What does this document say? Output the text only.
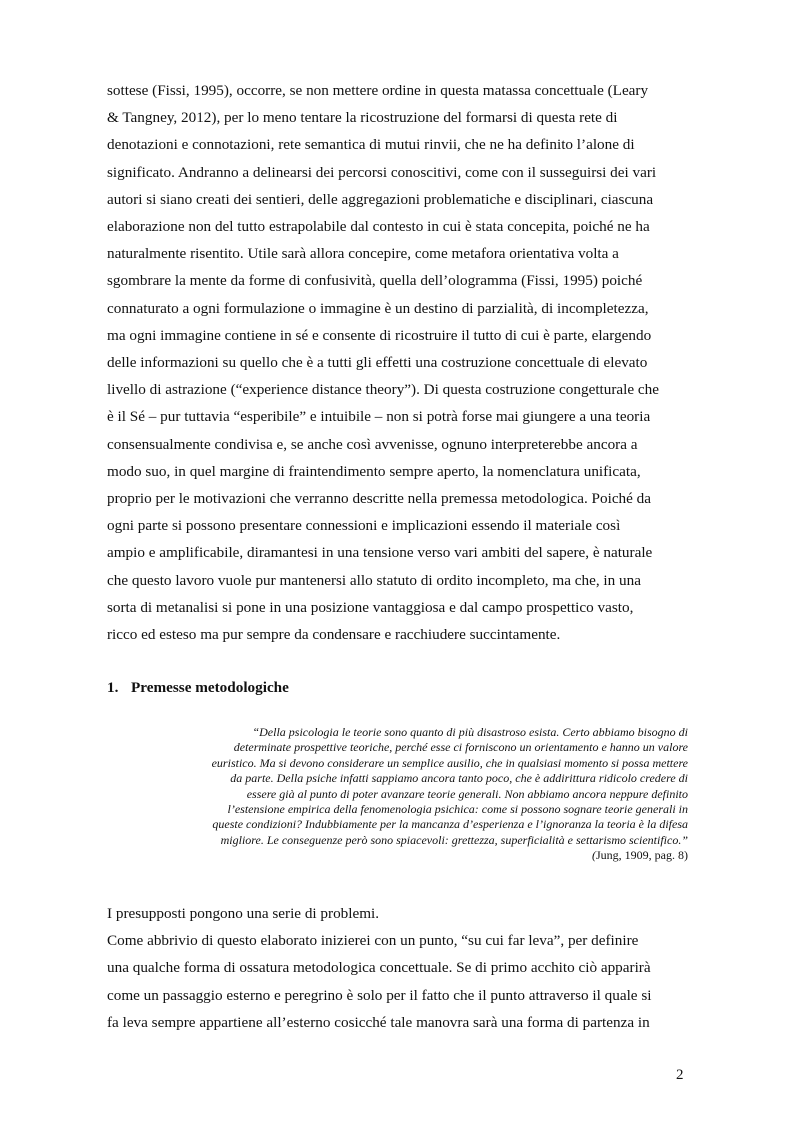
sottese (Fissi, 1995), occorre, se non mettere ordine in questa matassa concettuale (Leary
& Tangney, 2012), per lo meno tentare la ricostruzione del formarsi di questa rete di
denotazioni e connotazioni, rete semantica di mutui rinvii, che ne ha definito l’alone di
significato. Andranno a delinearsi dei percorsi conoscitivi, come con il susseguirsi dei vari
autori si siano creati dei sentieri, delle aggregazioni problematiche e disciplinari, ciascuna
elaborazione non del tutto estrapolabile dal contesto in cui è stata concepita, poiché ne ha
naturalmente risentito. Utile sarà allora concepire, come metafora orientativa volta a
sgombrare la mente da forme di confusività, quella dell’ologramma (Fissi, 1995) poiché
connaturato a ogni formulazione o immagine è un destino di parzialità, di incompletezza,
ma ogni immagine contiene in sé e consente di ricostruire il tutto di cui è parte, elargendo
delle informazioni su quello che è a tutti gli effetti una costruzione concettuale di elevato
livello di astrazione (“experience distance theory”). Di questa costruzione congetturale che
è il Sé – pur tuttavia “esperibile” e intuibile – non si potrà forse mai giungere a una teoria
consensualmente condivisa e, se anche così avvenisse, ognuno interpreterebbe ancora a
modo suo, in quel margine di fraintendimento sempre aperto, la nomenclatura unificata,
proprio per le motivazioni che verranno descritte nella premessa metodologica. Poiché da
ogni parte si possono presentare connessioni e implicazioni essendo il materiale così
ampio e amplificabile, diramantesi in una tensione verso vari ambiti del sapere, è naturale
che questo lavoro vuole pur mantenersi allo statuto di ordito incompleto, ma che, in una
sorta di metanalisi si pone in una posizione vantaggiosa e dal campo prospettico vasto,
ricco ed esteso ma pur sempre da condensare e racchiudere succintamente.

1. Premesse metodologiche
“Della psicologia le teorie sono quanto di più disastroso esista. Certo abbiamo bisogno di
determinate prospettive teoriche, perché esse ci forniscono un orientamento e hanno un valore
euristico. Ma si devono considerare un semplice ausilio, che in qualsiasi momento si possa mettere
da parte. Della psiche infatti sappiamo ancora tanto poco, che è addirittura ridicolo credere di
essere già al punto di poter avanzare teorie generali. Non abbiamo ancora neppure definito
l’estensione empirica della fenomenologia psichica: come si possono sognare teorie generali in
queste condizioni? Indubbiamente per la mancanza d’esperienza e l’ignoranza la teoria è la difesa
migliore. Le conseguenze però sono spiacevoli: grettezza, superficialità e settarismo scientifico.”
(Jung, 1909, pag. 8)

I presupposti pongono una serie di problemi.
Come abbrivio di questo elaborato inizierei con un punto, “su cui far leva”, per definire
una qualche forma di ossatura metodologica concettuale. Se di primo acchito ciò apparirà
come un passaggio esterno e peregrino è solo per il fatto che il punto attraverso il quale si
fa leva sempre appartiene all’esterno cosicché tale manovra sarà una forma di partenza in

2
